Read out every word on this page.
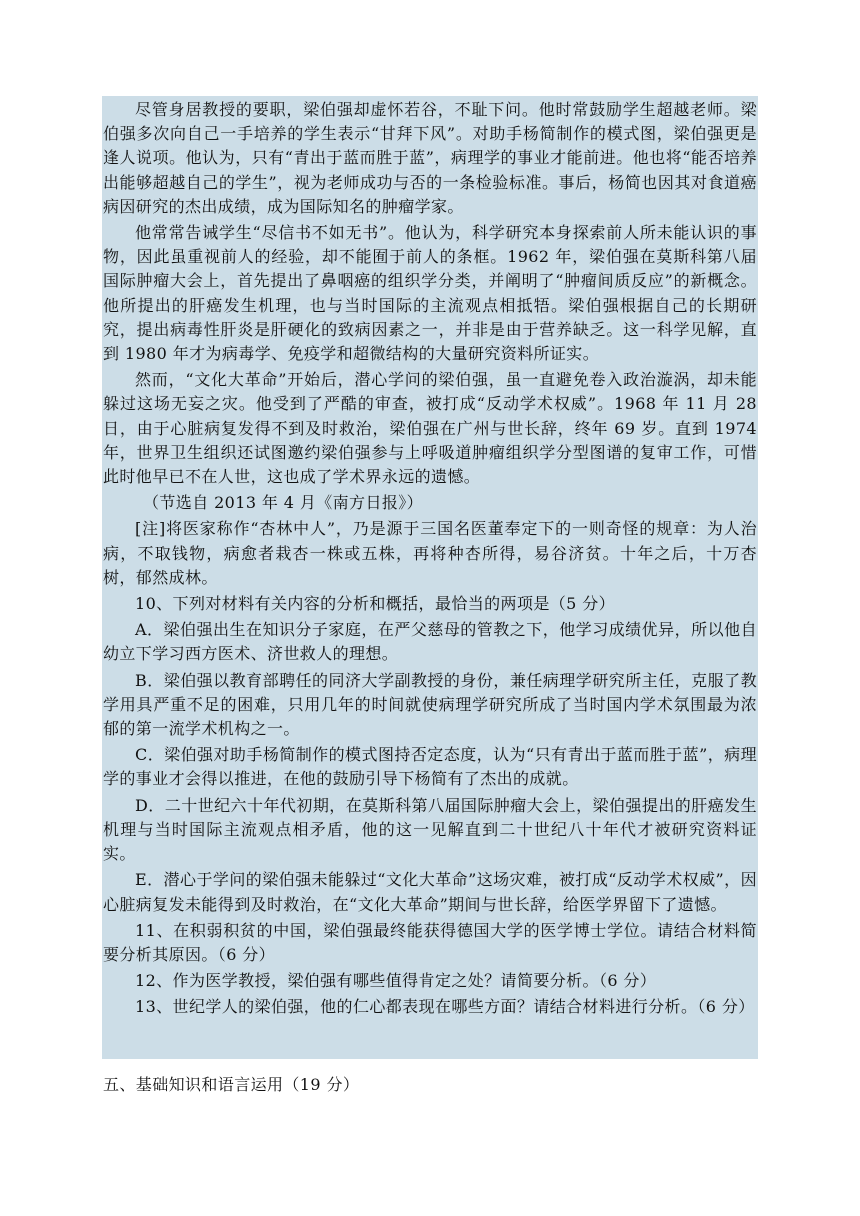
尽管身居教授的要职，梁伯强却虚怀若谷，不耻下问。他时常鼓励学生超越老师。梁伯强多次向自己一手培养的学生表示“甘拜下风”。对助手杨简制作的模式图，梁伯强更是逢人说项。他认为，只有“青出于蓝而胜于蓝”，病理学的事业才能前进。他也将“能否培养出能够超越自己的学生”，视为老师成功与否的一条检验标准。事后，杨简也因其对食道癌病因研究的杰出成绩，成为国际知名的肿瘤学家。

他常常告诫学生“尽信书不如无书”。他认为，科学研究本身探索前人所未能认识的事物，因此虽重视前人的经验，却不能囿于前人的条框。1962 年，梁伯强在莫斯科第八届国际肿瘤大会上，首先提出了鼻咽癌的组织学分类，并阐明了“肿瘤间质反应”的新概念。他所提出的肝癌发生机理，也与当时国际的主流观点相抵牾。梁伯强根据自己的长期研究，提出病毒性肝炎是肝硬化的致病因素之一，并非是由于营养缺乏。这一科学见解，直到 1980 年才为病毒学、免疫学和超微结构的大量研究资料所证实。

然而，“文化大革命”开始后，潜心学问的梁伯强，虽一直避免卷入政治漩涡，却未能躲过这场无妄之灾。他受到了严酷的审查，被打成“反动学术权威”。1968 年 11 月 28 日，由于心脏病复发得不到及时救治，梁伯强在广州与世长辞，终年 69 岁。直到 1974 年，世界卫生组织还试图邀约梁伯强参与上呼吸道肿瘤组织学分型图谱的复审工作，可惜此时他早已不在人世，这也成了学术界永远的遗憾。

（节选自 2013 年 4 月《南方日报》）

[注]将医家称作“杏林中人”，乃是源于三国名医董奉定下的一则奇怪的规章：为人治病，不取钱物，病愈者栽杏一株或五株，再将种杏所得，易谷济贫。十年之后，十万杏树，郁然成林。

10、下列对材料有关内容的分析和概括，最恰当的两项是（5 分）

A．梁伯强出生在知识分子家庭，在严父慈母的管教之下，他学习成绩优异，所以他自幼立下学习西方医术、济世救人的理想。

B．梁伯强以教育部聘任的同济大学副教授的身份，兼任病理学研究所主任，克服了教学用具严重不足的困难，只用几年的时间就使病理学研究所成了当时国内学术氛围最为浓郁的第一流学术机构之一。

C．梁伯强对助手杨简制作的模式图持否定态度，认为“只有青出于蓝而胜于蓝”，病理学的事业才会得以推进，在他的鼓励引导下杨简有了杰出的成就。

D．二十世纪六十年代初期，在莫斯科第八届国际肿瘤大会上，梁伯强提出的肝癌发生机理与当时国际主流观点相矛盾，他的这一见解直到二十世纪八十年代才被研究资料证实。

E．潜心于学问的梁伯强未能躲过“文化大革命”这场灾难，被打成“反动学术权威”，因心脏病复发未能得到及时救治，在“文化大革命”期间与世长辞，给医学界留下了遗憾。

11、在积弱积贫的中国，梁伯强最终能获得德国大学的医学博士学位。请结合材料简要分析其原因。（6 分）

12、作为医学教授，梁伯强有哪些值得肯定之处？请简要分析。（6 分）

13、世纪学人的梁伯强，他的仁心都表现在哪些方面？请结合材料进行分析。（6 分）

五、基础知识和语言运用（19 分）
